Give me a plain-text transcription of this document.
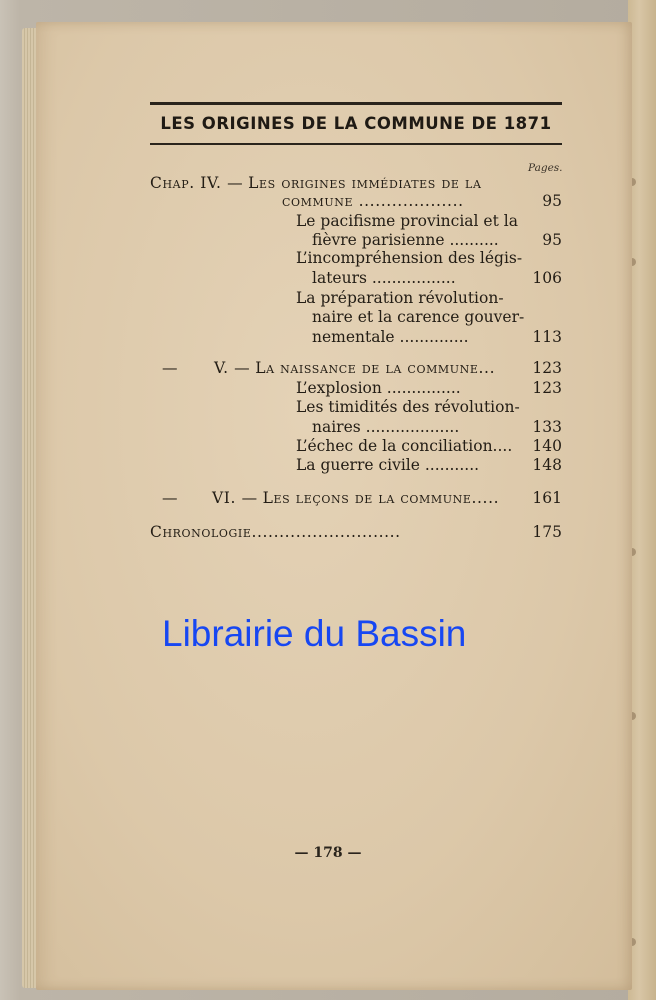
LES ORIGINES DE LA COMMUNE DE 1871
Pages.
Chap. IV. — Les origines immédiates de la
commune ...................	95
Le pacifisme provincial et la
fièvre parisienne ..........	95
L’incompréhension des légis-
lateurs .................	106
La préparation révolution-
naire et la carence gouver-
nementale ..............	113
— V. — La naissance de la commune...	123
L’explosion ...............	123
Les timidités des révolution-
naires ...................	133
L’échec de la conciliation....	140
La guerre civile ...........	148
— VI. — Les leçons de la commune.....	161
Chronologie...........................	175
Librairie du Bassin
— 178 —
